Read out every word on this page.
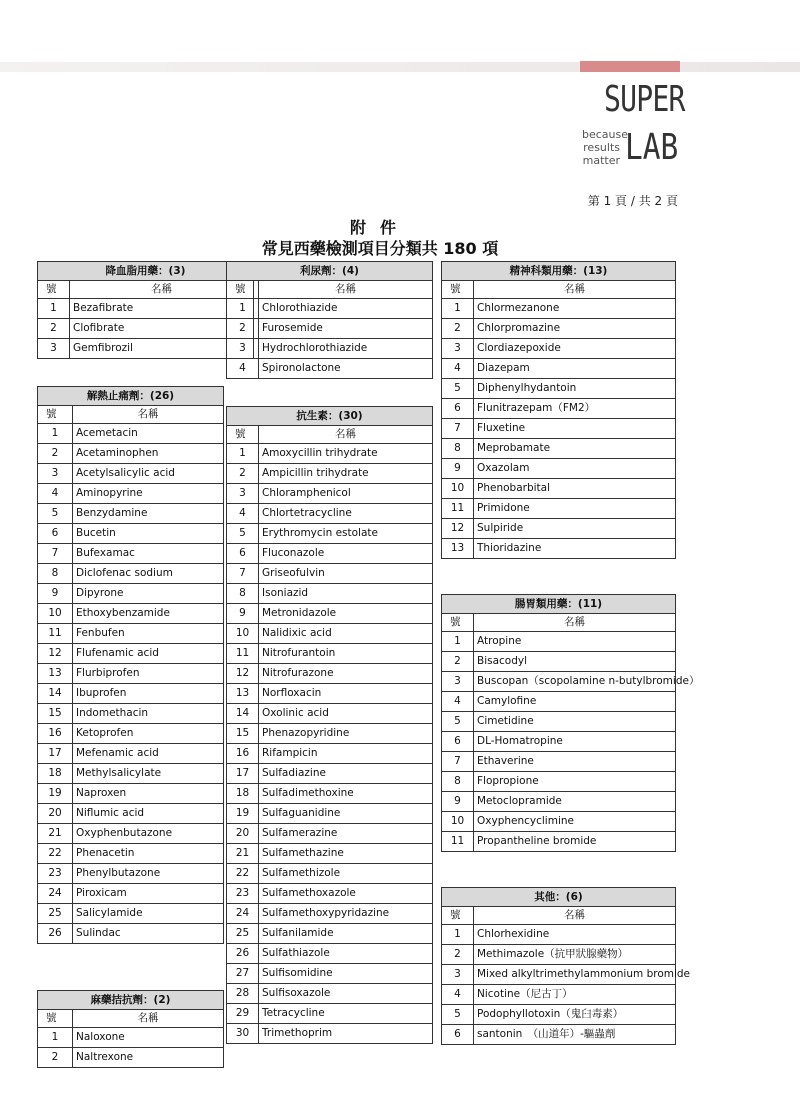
SUPER
because
results
matter LAB
第 1 頁 / 共 2 頁
附件
常見西藥檢測項目分類共 180 項
降血脂用藥：(3)	
號	名稱
1	Bezafibrate
2	Clofibrate
3	Gemfibrozil
利尿劑：(4)	
號	名稱
1	Chlorothiazide
2	Furosemide
3	Hydrochlorothiazide
4	Spironolactone
精神科類用藥：(13)	
號	名稱
1	Chlormezanone
2	Chlorpromazine
3	Clordiazepoxide
4	Diazepam
5	Diphenylhydantoin
6	Flunitrazepam（FM2）
7	Fluxetine
8	Meprobamate
9	Oxazolam
10	Phenobarbital
11	Primidone
12	Sulpiride
13	Thioridazine
解熱止痛劑：(26)	
號	名稱
1	Acemetacin
2	Acetaminophen
3	Acetylsalicylic acid
4	Aminopyrine
5	Benzydamine
6	Bucetin
7	Bufexamac
8	Diclofenac sodium
9	Dipyrone
10	Ethoxybenzamide
11	Fenbufen
12	Flufenamic acid
13	Flurbiprofen
14	Ibuprofen
15	Indomethacin
16	Ketoprofen
17	Mefenamic acid
18	Methylsalicylate
19	Naproxen
20	Niflumic acid
21	Oxyphenbutazone
22	Phenacetin
23	Phenylbutazone
24	Piroxicam
25	Salicylamide
26	Sulindac
抗生素：(30)	
號	名稱
1	Amoxycillin trihydrate
2	Ampicillin trihydrate
3	Chloramphenicol
4	Chlortetracycline
5	Erythromycin estolate
6	Fluconazole
7	Griseofulvin
8	Isoniazid
9	Metronidazole
10	Nalidixic acid
11	Nitrofurantoin
12	Nitrofurazone
13	Norfloxacin
14	Oxolinic acid
15	Phenazopyridine
16	Rifampicin
17	Sulfadiazine
18	Sulfadimethoxine
19	Sulfaguanidine
20	Sulfamerazine
21	Sulfamethazine
22	Sulfamethizole
23	Sulfamethoxazole
24	Sulfamethoxypyridazine
25	Sulfanilamide
26	Sulfathiazole
27	Sulfisomidine
28	Sulfisoxazole
29	Tetracycline
30	Trimethoprim
腸胃類用藥：(11)	
號	名稱
1	Atropine
2	Bisacodyl
3	Buscopan（scopolamine n-butylbromide）
4	Camylofine
5	Cimetidine
6	DL-Homatropine
7	Ethaverine
8	Flopropione
9	Metoclopramide
10	Oxyphencyclimine
11	Propantheline bromide
其他：(6)	
號	名稱
1	Chlorhexidine
2	Methimazole（抗甲狀腺藥物）
3	Mixed alkyltrimethylammonium bromide
4	Nicotine（尼古丁）
5	Podophyllotoxin（鬼臼毒素）
6	santonin　（山道年）-驅蟲劑
麻藥拮抗劑：(2)	
號	名稱
1	Naloxone
2	Naltrexone
